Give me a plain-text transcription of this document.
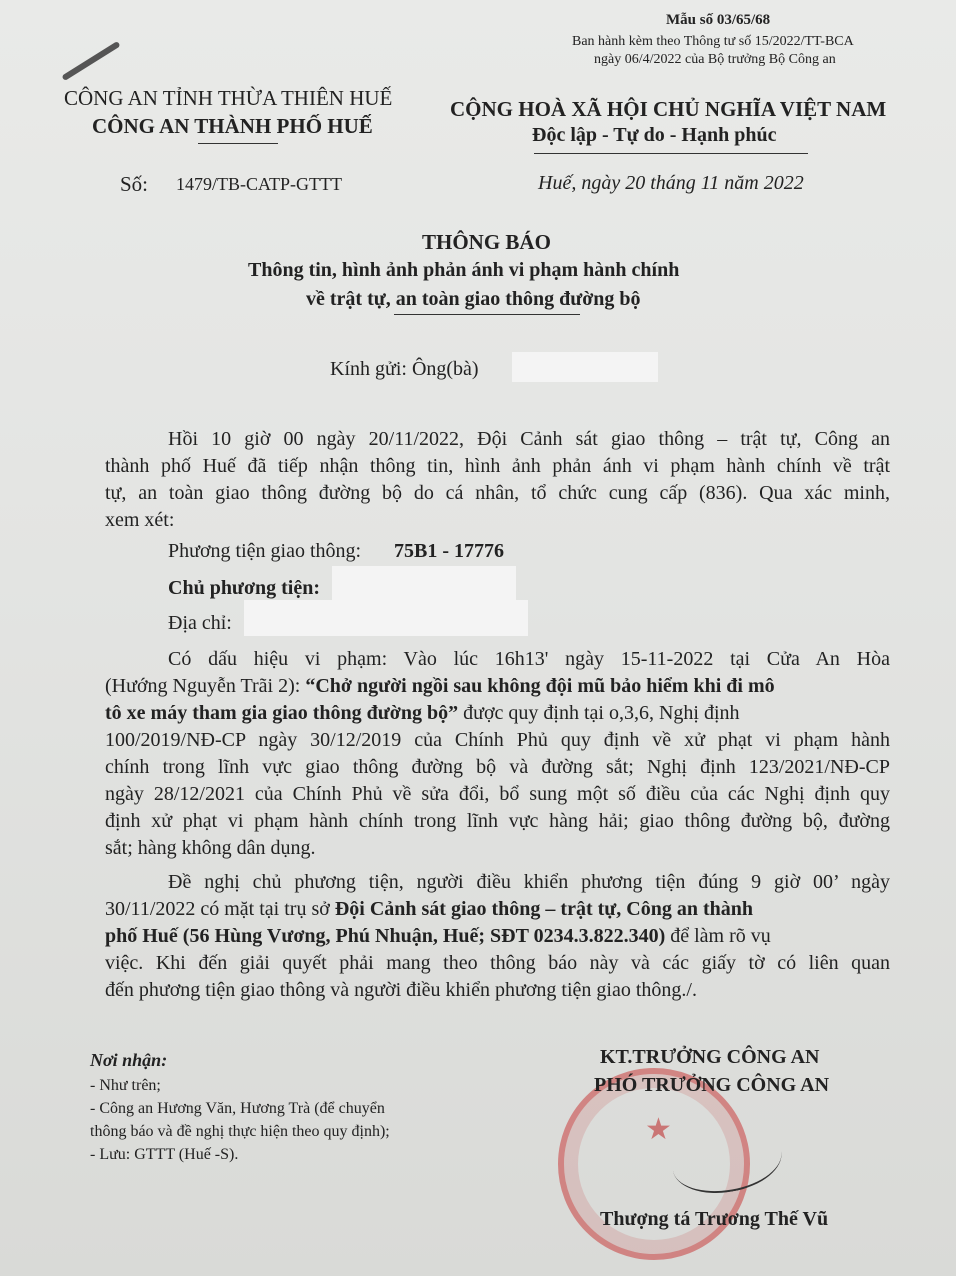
Mẫu số 03/65/68
Ban hành kèm theo Thông tư số 15/2022/TT-BCA
ngày 06/4/2022 của Bộ trưởng Bộ Công an
CÔNG AN TỈNH THỪA THIÊN HUẾ
CÔNG AN THÀNH PHỐ HUẾ
CỘNG HOÀ XÃ HỘI CHỦ NGHĨA VIỆT NAM
Độc lập - Tự do - Hạnh phúc
Số: 1479/TB-CATP-GTTT	Huế, ngày 20 tháng 11 năm 2022
THÔNG BÁO
Thông tin, hình ảnh phản ánh vi phạm hành chính
về trật tự, an toàn giao thông đường bộ
Kính gửi: Ông(bà)
Hồi 10 giờ 00 ngày 20/11/2022, Đội Cảnh sát giao thông – trật tự, Công an
thành phố Huế đã tiếp nhận thông tin, hình ảnh phản ánh vi phạm hành chính về trật
tự, an toàn giao thông đường bộ do cá nhân, tổ chức cung cấp (836). Qua xác minh,
xem xét:
Phương tiện giao thông: 75B1 - 17776
Chủ phương tiện:
Địa chỉ:
Có dấu hiệu vi phạm: Vào lúc 16h13' ngày 15-11-2022 tại Cửa An Hòa
(Hướng Nguyễn Trãi 2): “Chở người ngồi sau không đội mũ bảo hiểm khi đi mô
tô xe máy tham gia giao thông đường bộ” được quy định tại o,3,6, Nghị định
100/2019/NĐ-CP ngày 30/12/2019 của Chính Phủ quy định về xử phạt vi phạm hành
chính trong lĩnh vực giao thông đường bộ và đường sắt; Nghị định 123/2021/NĐ-CP
ngày 28/12/2021 của Chính Phủ về sửa đổi, bổ sung một số điều của các Nghị định quy
định xử phạt vi phạm hành chính trong lĩnh vực hàng hải; giao thông đường bộ, đường
sắt; hàng không dân dụng.
Đề nghị chủ phương tiện, người điều khiển phương tiện đúng 9 giờ 00’ ngày
30/11/2022 có mặt tại trụ sở Đội Cảnh sát giao thông – trật tự, Công an thành
phố Huế (56 Hùng Vương, Phú Nhuận, Huế; SĐT 0234.3.822.340) để làm rõ vụ
việc. Khi đến giải quyết phải mang theo thông báo này và các giấy tờ có liên quan
đến phương tiện giao thông và người điều khiển phương tiện giao thông./.
Nơi nhận:
- Như trên;
- Công an Hương Văn, Hương Trà (để chuyển
thông báo và đề nghị thực hiện theo quy định);
- Lưu: GTTT (Huế -S).
★
KT.TRƯỞNG CÔNG AN
PHÓ TRƯỞNG CÔNG AN
Thượng tá Trương Thế Vũ
